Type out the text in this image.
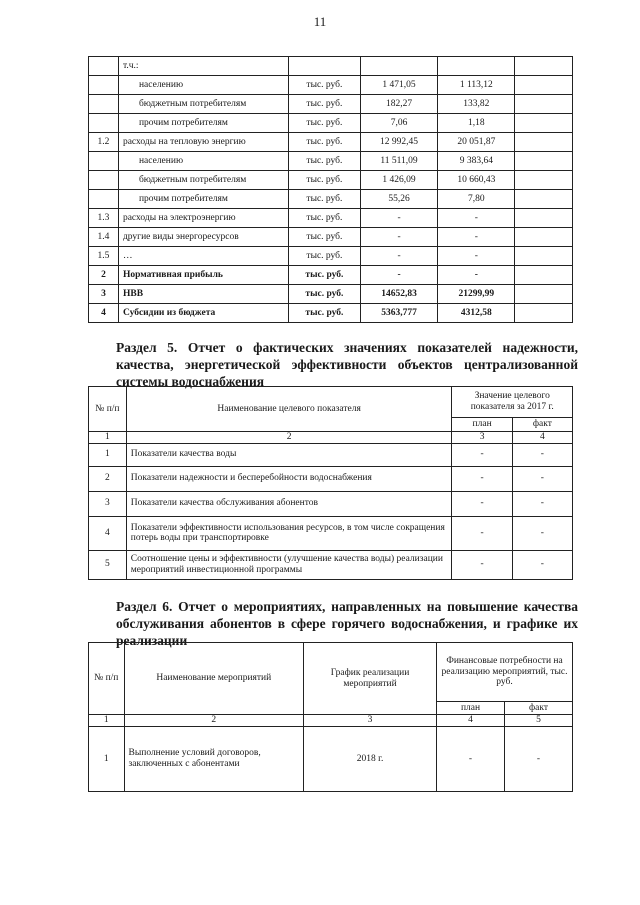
11
	т.ч.:				
	населению	тыс. руб.	1 471,05	1 113,12	
	бюджетным потребителям	тыс. руб.	182,27	133,82	
	прочим потребителям	тыс. руб.	7,06	1,18	
1.2	расходы на тепловую энергию	тыс. руб.	12 992,45	20 051,87	
	населению	тыс. руб.	11 511,09	9 383,64	
	бюджетным потребителям	тыс. руб.	1 426,09	10 660,43	
	прочим потребителям	тыс. руб.	55,26	7,80	
1.3	расходы на электроэнергию	тыс. руб.	-	-	
1.4	другие виды энергоресурсов	тыс. руб.	-	-	
1.5	…	тыс. руб.	-	-	
2	Нормативная прибыль	тыс. руб.	-	-	
3	НВВ	тыс. руб.	14652,83	21299,99	
4	Субсидии из бюджета	тыс. руб.	5363,777	4312,58	
Раздел 5. Отчет о фактических значениях показателей надежности, качества, энергетической эффективности объектов централизованной системы водоснабжения
№ п/п	Наименование целевого показателя	Значение целевого показателя за 2017 г.	
		план	факт
1	2	3	4
1	Показатели качества воды	-	-
2	Показатели надежности и бесперебойности водоснабжения	-	-
3	Показатели качества обслуживания абонентов	-	-
4	Показатели эффективности использования ресурсов, в том числе сокращения потерь воды при транспортировке	-	-
5	Соотношение цены и эффективности (улучшение качества воды) реализации мероприятий инвестиционной программы	-	-
Раздел 6. Отчет о мероприятиях, направленных на повышение качества обслуживания абонентов в сфере горячего водоснабжения, и графике их реализации
№ п/п	Наименование мероприятий	График реализации мероприятий	Финансовые потребности на реализацию мероприятий, тыс. руб.	
			план	факт
1	2	3	4	5
1	Выполнение условий договоров, заключенных с абонентами	2018 г.	-	-
